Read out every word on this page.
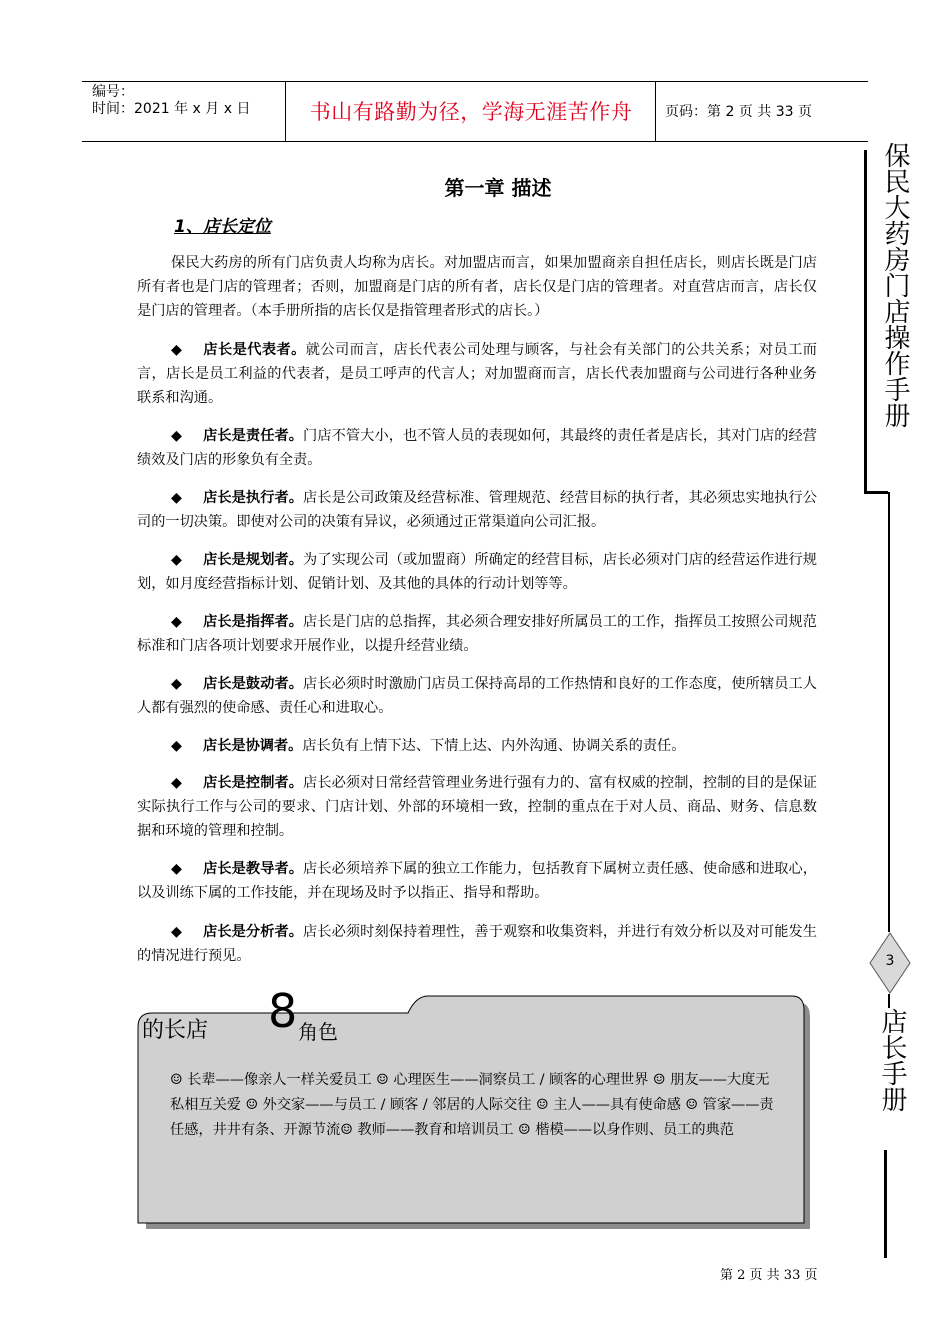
编号：
时间：2021 年 x 月 x 日	书山有路勤为径，学海无涯苦作舟	页码：第 2 页 共 33 页
保民大药房门店操作手册
3
店长手册
第一章 描述
1、店长定位
保民大药房的所有门店负责人均称为店长。对加盟店而言，如果加盟商亲自担任店长，则店长既是门店所有者也是门店的管理者；否则，加盟商是门店的所有者，店长仅是门店的管理者。对直营店而言，店长仅是门店的管理者。（本手册所指的店长仅是指管理者形式的店长。）
◆ 店长是代表者。就公司而言，店长代表公司处理与顾客，与社会有关部门的公共关系；对员工而言，店长是员工利益的代表者，是员工呼声的代言人；对加盟商而言，店长代表加盟商与公司进行各种业务联系和沟通。
◆ 店长是责任者。门店不管大小，也不管人员的表现如何，其最终的责任者是店长，其对门店的经营绩效及门店的形象负有全责。
◆ 店长是执行者。店长是公司政策及经营标准、管理规范、经营目标的执行者，其必须忠实地执行公司的一切决策。即使对公司的决策有异议，必须通过正常渠道向公司汇报。
◆ 店长是规划者。为了实现公司（或加盟商）所确定的经营目标，店长必须对门店的经营运作进行规划，如月度经营指标计划、促销计划、及其他的具体的行动计划等等。
◆ 店长是指挥者。店长是门店的总指挥，其必须合理安排好所属员工的工作，指挥员工按照公司规范标准和门店各项计划要求开展作业，以提升经营业绩。
◆ 店长是鼓动者。店长必须时时激励门店员工保持高昂的工作热情和良好的工作态度，使所辖员工人人都有强烈的使命感、责任心和进取心。
◆ 店长是协调者。店长负有上情下达、下情上达、内外沟通、协调关系的责任。
◆ 店长是控制者。店长必须对日常经营管理业务进行强有力的、富有权威的控制，控制的目的是保证实际执行工作与公司的要求、门店计划、外部的环境相一致，控制的重点在于对人员、商品、财务、信息数据和环境的管理和控制。
◆ 店长是教导者。店长必须培养下属的独立工作能力，包括教育下属树立责任感、使命感和进取心，以及训练下属的工作技能，并在现场及时予以指正、指导和帮助。
◆ 店长是分析者。店长必须时刻保持着理性，善于观察和收集资料，并进行有效分析以及对可能发生的情况进行预见。
的长店 8 角色
☺ 长辈——像亲人一样关爱员工 ☺ 心理医生——洞察员工 / 顾客的心理世界 ☺ 朋友——大度无私相互关爱 ☺ 外交家——与员工 / 顾客 / 邻居的人际交往 ☺ 主人——具有使命感 ☺ 管家——责任感，井井有条、开源节流☺ 教师——教育和培训员工 ☺ 楷模——以身作则、员工的典范
第 2 页 共 33 页
